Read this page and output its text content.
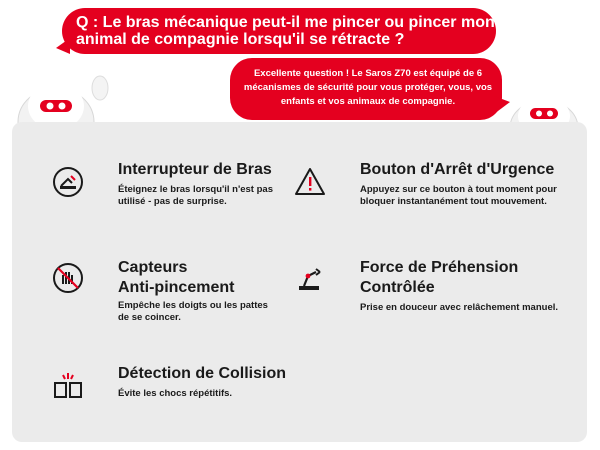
Q : Le bras mécanique peut-il me pincer ou pincer mon animal de compagnie lorsqu'il se rétracte ?
Excellente question ! Le Saros Z70 est équipé de 6 mécanismes de sécurité pour vous protéger, vous, vos enfants et vos animaux de compagnie.
Interrupteur de Bras
Éteignez le bras lorsqu'il n'est pas utilisé - pas de surprise.
Bouton d'Arrêt d'Urgence
Appuyez sur ce bouton à tout moment pour bloquer instantanément tout mouvement.
Capteurs
Anti-pincement
Empêche les doigts ou les pattes de se coincer.
Force de Préhension
Contrôlée
Prise en douceur avec relâchement manuel.
Détection de Collision
Évite les chocs répétitifs.
